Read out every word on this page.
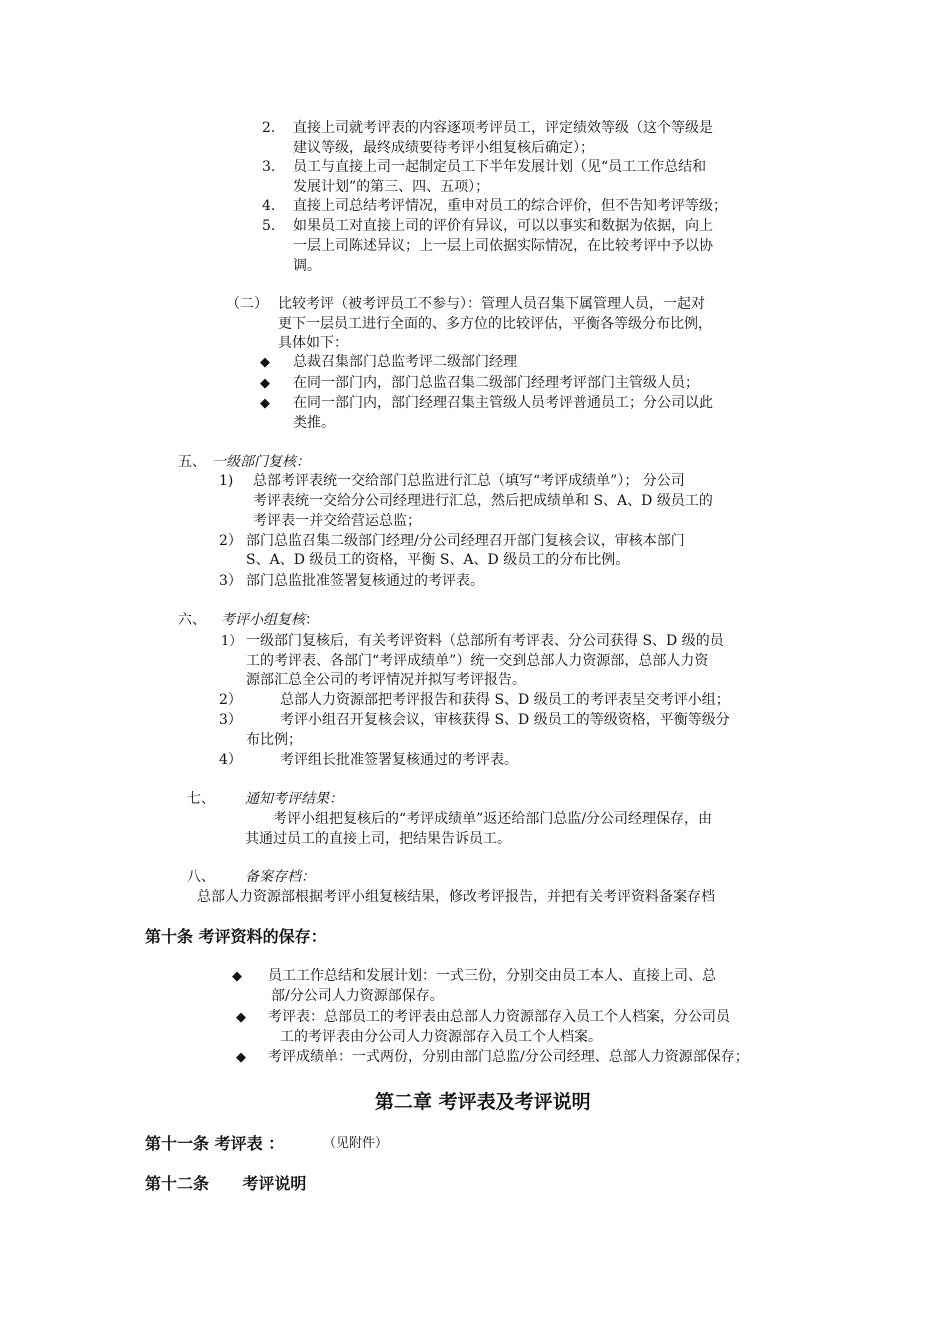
2. 直接上司就考评表的内容逐项考评员工，评定绩效等级（这个等级是
建议等级，最终成绩要待考评小组复核后确定）；
3. 员工与直接上司一起制定员工下半年发展计划（见“员工工作总结和
发展计划”的第三、四、五项）；
4. 直接上司总结考评情况，重申对员工的综合评价，但不告知考评等级；
5. 如果员工对直接上司的评价有异议，可以以事实和数据为依据，向上
一层上司陈述异议；上一层上司依据实际情况，在比较考评中予以协
调。
（二） 比较考评（被考评员工不参与）：管理人员召集下属管理人员，一起对
更下一层员工进行全面的、多方位的比较评估，平衡各等级分布比例，
具体如下：
◆ 总裁召集部门总监考评二级部门经理
◆ 在同一部门内，部门总监召集二级部门经理考评部门主管级人员；
◆ 在同一部门内，部门经理召集主管级人员考评普通员工；分公司以此
类推。
五、 一级部门复核：
1) 总部考评表统一交给部门总监进行汇总（填写“考评成绩单”）； 分公司
考评表统一交给分公司经理进行汇总，然后把成绩单和 S、A、D 级员工的
考评表一并交给营运总监；
2） 部门总监召集二级部门经理/分公司经理召开部门复核会议，审核本部门
S、A、D 级员工的资格，平衡 S、A、D 级员工的分布比例。
3） 部门总监批准签署复核通过的考评表。
六、 考评小组复核：
1） 一级部门复核后，有关考评资料（总部所有考评表、分公司获得 S、D 级的员
工的考评表、各部门“考评成绩单”）统一交到总部人力资源部，总部人力资
源部汇总全公司的考评情况并拟写考评报告。
2）	总部人力资源部把考评报告和获得 S、D 级员工的考评表呈交考评小组；
3）	考评小组召开复核会议，审核获得 S、D 级员工的等级资格，平衡等级分
布比例；
4）	考评组长批准签署复核通过的考评表。
七、 通知考评结果：
考评小组把复核后的“考评成绩单”返还给部门总监/分公司经理保存，由
其通过员工的直接上司，把结果告诉员工。
八、 备案存档：
总部人力资源部根据考评小组复核结果，修改考评报告，并把有关考评资料备案存档
第十条 考评资料的保存：
◆ 员工工作总结和发展计划：一式三份，分别交由员工本人、直接上司、总
部/分公司人力资源部保存。
◆ 考评表：总部员工的考评表由总部人力资源部存入员工个人档案，分公司员
工的考评表由分公司人力资源部存入员工个人档案。
◆ 考评成绩单：一式两份，分别由部门总监/分公司经理、总部人力资源部保存；
第二章 考评表及考评说明
第十一条 考评表 ：	（见附件）
第十二条      考评说明
